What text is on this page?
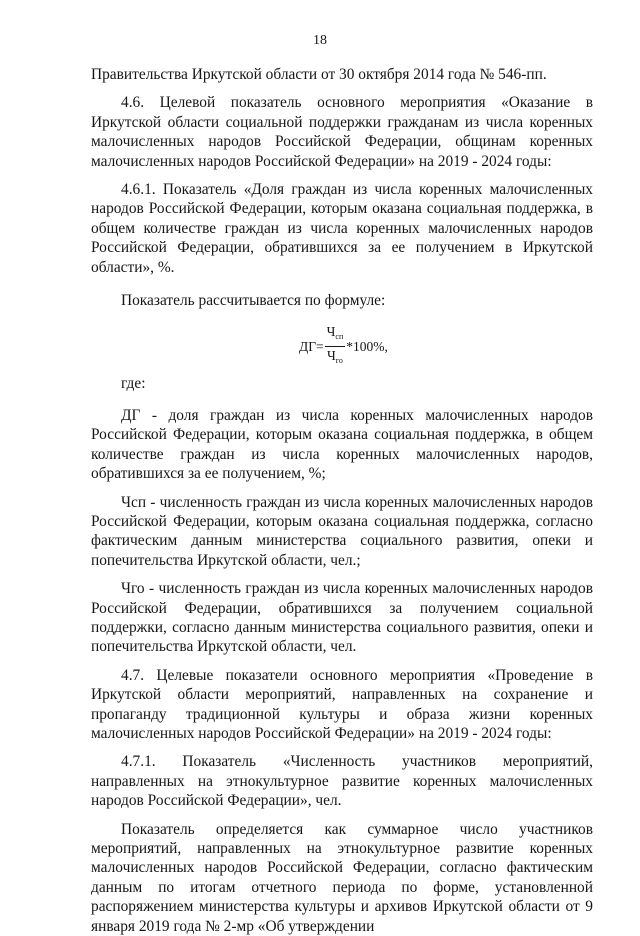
18

Правительства Иркутской области от 30 октября 2014 года № 546-пп.

4.6. Целевой показатель основного мероприятия «Оказание в Иркутской области социальной поддержки гражданам из числа коренных малочисленных народов Российской Федерации, общинам коренных малочисленных народов Российской Федерации» на 2019 - 2024 годы:

4.6.1. Показатель «Доля граждан из числа коренных малочисленных народов Российской Федерации, которым оказана социальная поддержка, в общем количестве граждан из числа коренных малочисленных народов Российской Федерации, обратившихся за ее получением в Иркутской области», %.

Показатель рассчитывается по формуле:

$ДГ= \frac{Ч_{сп}}{Ч_{го}} *100\%$,

где:

ДГ - доля граждан из числа коренных малочисленных народов Российской Федерации, которым оказана социальная поддержка, в общем количестве граждан из числа коренных малочисленных народов, обратившихся за ее получением, %;

Чсп - численность граждан из числа коренных малочисленных народов Российской Федерации, которым оказана социальная поддержка, согласно фактическим данным министерства социального развития, опеки и попечительства Иркутской области, чел.;

Чго - численность граждан из числа коренных малочисленных народов Российской Федерации, обратившихся за получением социальной поддержки, согласно данным министерства социального развития, опеки и попечительства Иркутской области, чел.

4.7. Целевые показатели основного мероприятия «Проведение в Иркутской области мероприятий, направленных на сохранение и пропаганду традиционной культуры и образа жизни коренных малочисленных народов Российской Федерации» на 2019 - 2024 годы:

4.7.1. Показатель «Численность участников мероприятий, направленных на этнокультурное развитие коренных малочисленных народов Российской Федерации», чел.

Показатель определяется как суммарное число участников мероприятий, направленных на этнокультурное развитие коренных малочисленных народов Российской Федерации, согласно фактическим данным по итогам отчетного периода по форме, установленной распоряжением министерства культуры и архивов Иркутской области от 9 января 2019 года № 2-мр «Об утверждении
